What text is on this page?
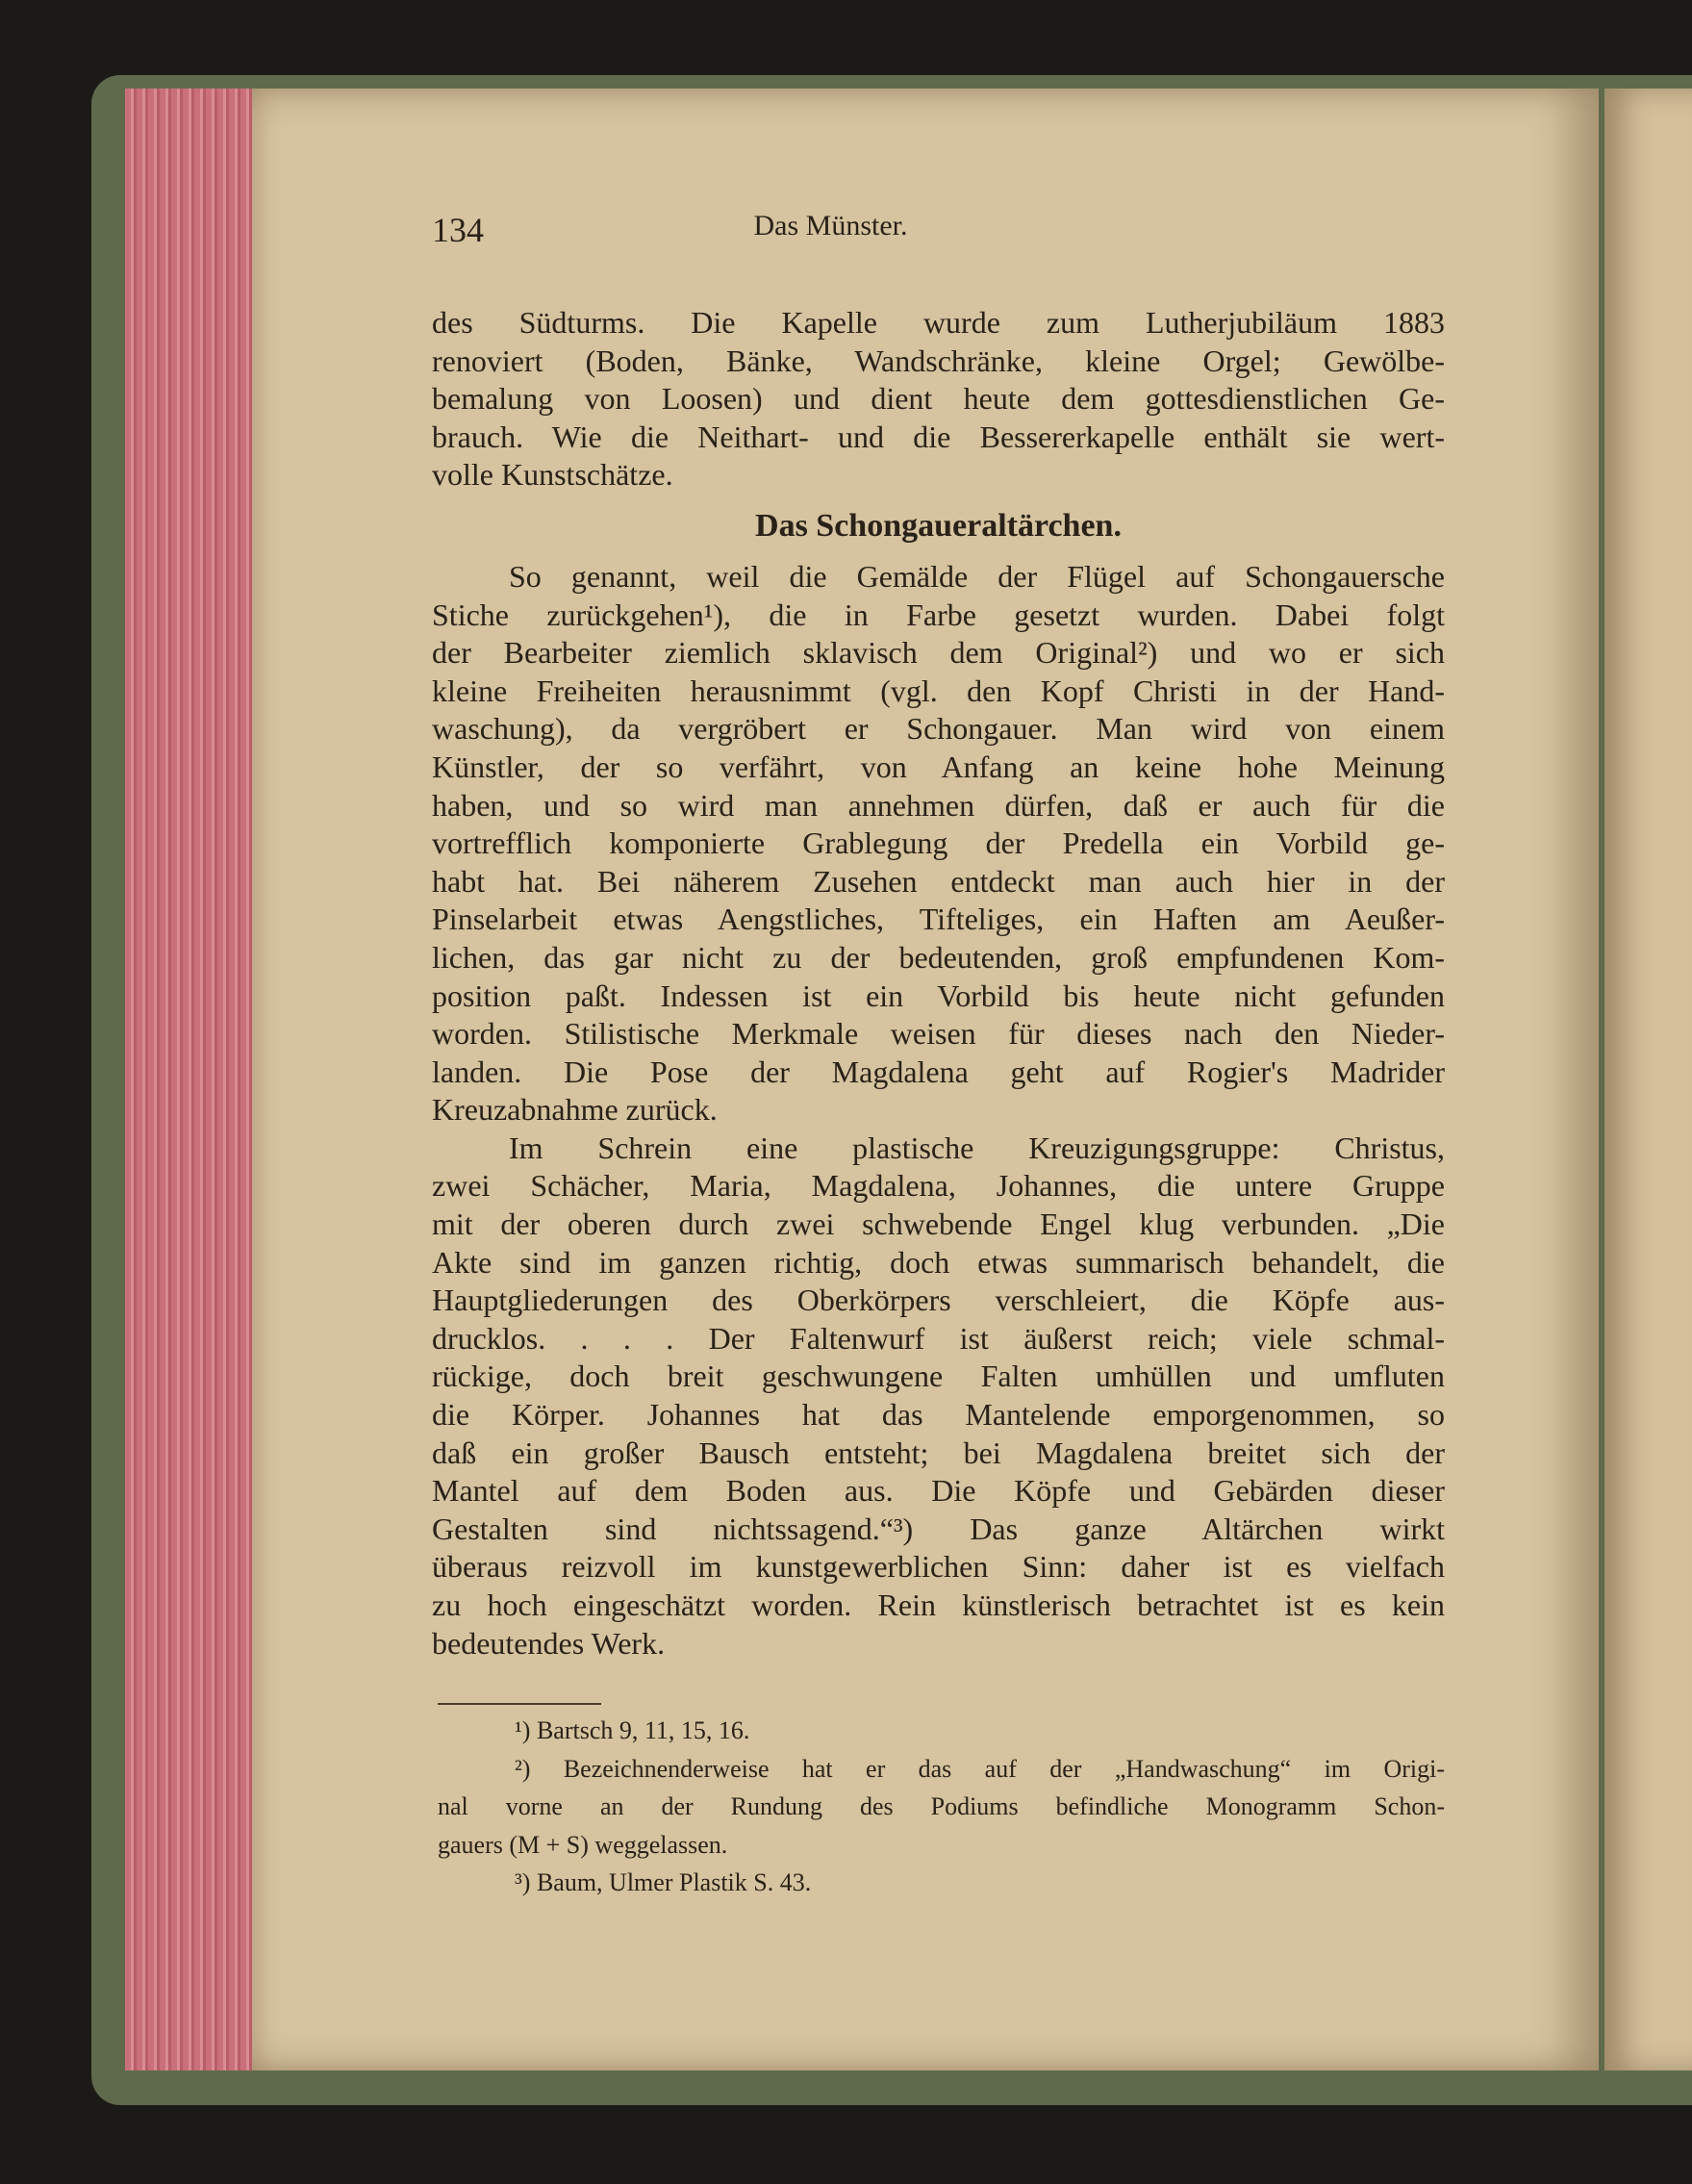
134	Das Münster.
des Südturms. Die Kapelle wurde zum Lutherjubiläum 1883
renoviert (Boden, Bänke, Wandschränke, kleine Orgel; Gewölbe-
bemalung von Loosen) und dient heute dem gottesdienstlichen Ge-
brauch. Wie die Neithart- und die Bessererkapelle enthält sie wert-
volle Kunstschätze.
Das Schongaueraltärchen.
So genannt, weil die Gemälde der Flügel auf Schongauersche
Stiche zurückgehen¹), die in Farbe gesetzt wurden. Dabei folgt
der Bearbeiter ziemlich sklavisch dem Original²) und wo er sich
kleine Freiheiten herausnimmt (vgl. den Kopf Christi in der Hand-
waschung), da vergröbert er Schongauer. Man wird von einem
Künstler, der so verfährt, von Anfang an keine hohe Meinung
haben, und so wird man annehmen dürfen, daß er auch für die
vortrefflich komponierte Grablegung der Predella ein Vorbild ge-
habt hat. Bei näherem Zusehen entdeckt man auch hier in der
Pinselarbeit etwas Aengstliches, Tifteliges, ein Haften am Aeußer-
lichen, das gar nicht zu der bedeutenden, groß empfundenen Kom-
position paßt. Indessen ist ein Vorbild bis heute nicht gefunden
worden. Stilistische Merkmale weisen für dieses nach den Nieder-
landen. Die Pose der Magdalena geht auf Rogier's Madrider
Kreuzabnahme zurück.
Im Schrein eine plastische Kreuzigungsgruppe: Christus,
zwei Schächer, Maria, Magdalena, Johannes, die untere Gruppe
mit der oberen durch zwei schwebende Engel klug verbunden. „Die
Akte sind im ganzen richtig, doch etwas summarisch behandelt, die
Hauptgliederungen des Oberkörpers verschleiert, die Köpfe aus-
drucklos. . . . Der Faltenwurf ist äußerst reich; viele schmal-
rückige, doch breit geschwungene Falten umhüllen und umfluten
die Körper. Johannes hat das Mantelende emporgenommen, so
daß ein großer Bausch entsteht; bei Magdalena breitet sich der
Mantel auf dem Boden aus. Die Köpfe und Gebärden dieser
Gestalten sind nichtssagend.“³) Das ganze Altärchen wirkt
überaus reizvoll im kunstgewerblichen Sinn: daher ist es vielfach
zu hoch eingeschätzt worden. Rein künstlerisch betrachtet ist es kein
bedeutendes Werk.
¹) Bartsch 9, 11, 15, 16.
²) Bezeichnenderweise hat er das auf der „Handwaschung“ im Origi-
nal vorne an der Rundung des Podiums befindliche Monogramm Schon-
gauers (M + S) weggelassen.
³) Baum, Ulmer Plastik S. 43.
